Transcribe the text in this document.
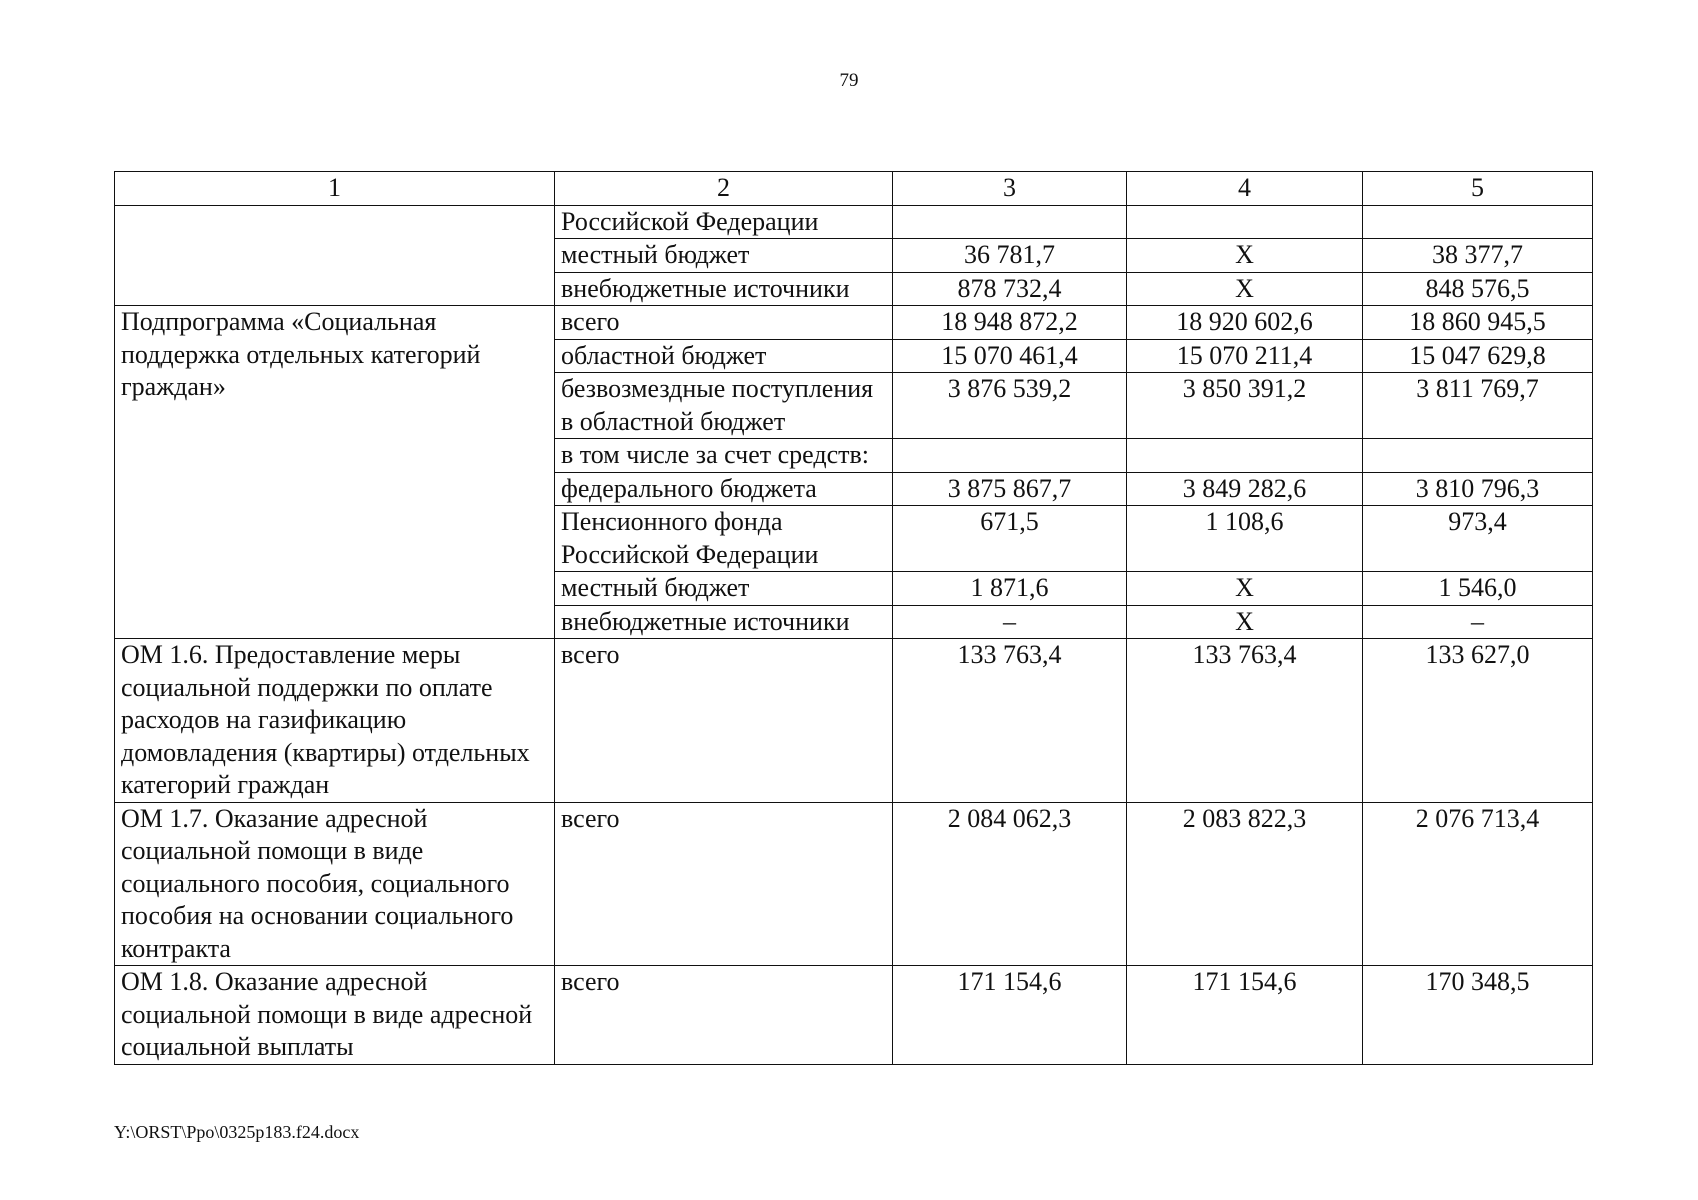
79
1	2	3	4	5
	Российской Федерации			
	местный бюджет	36 781,7	Х	38 377,7
	внебюджетные источники	878 732,4	Х	848 576,5
Подпрограмма «Социальная поддержка отдельных категорий граждан»	всего	18 948 872,2	18 920 602,6	18 860 945,5
	областной бюджет	15 070 461,4	15 070 211,4	15 047 629,8
	безвозмездные поступления в областной бюджет	3 876 539,2	3 850 391,2	3 811 769,7
	в том числе за счет средств:			
	федерального бюджета	3 875 867,7	3 849 282,6	3 810 796,3
	Пенсионного фонда Российской Федерации	671,5	1 108,6	973,4
	местный бюджет	1 871,6	Х	1 546,0
	внебюджетные источники	–	Х	–
ОМ 1.6. Предоставление меры социальной поддержки по оплате расходов на газификацию домовладения (квартиры) отдельных категорий граждан	всего	133 763,4	133 763,4	133 627,0
ОМ 1.7. Оказание адресной социальной помощи в виде социального пособия, социального пособия на основании социального контракта	всего	2 084 062,3	2 083 822,3	2 076 713,4
ОМ 1.8. Оказание адресной социальной помощи в виде адресной социальной выплаты	всего	171 154,6	171 154,6	170 348,5
Y:\ORST\Ppo\0325p183.f24.docx
